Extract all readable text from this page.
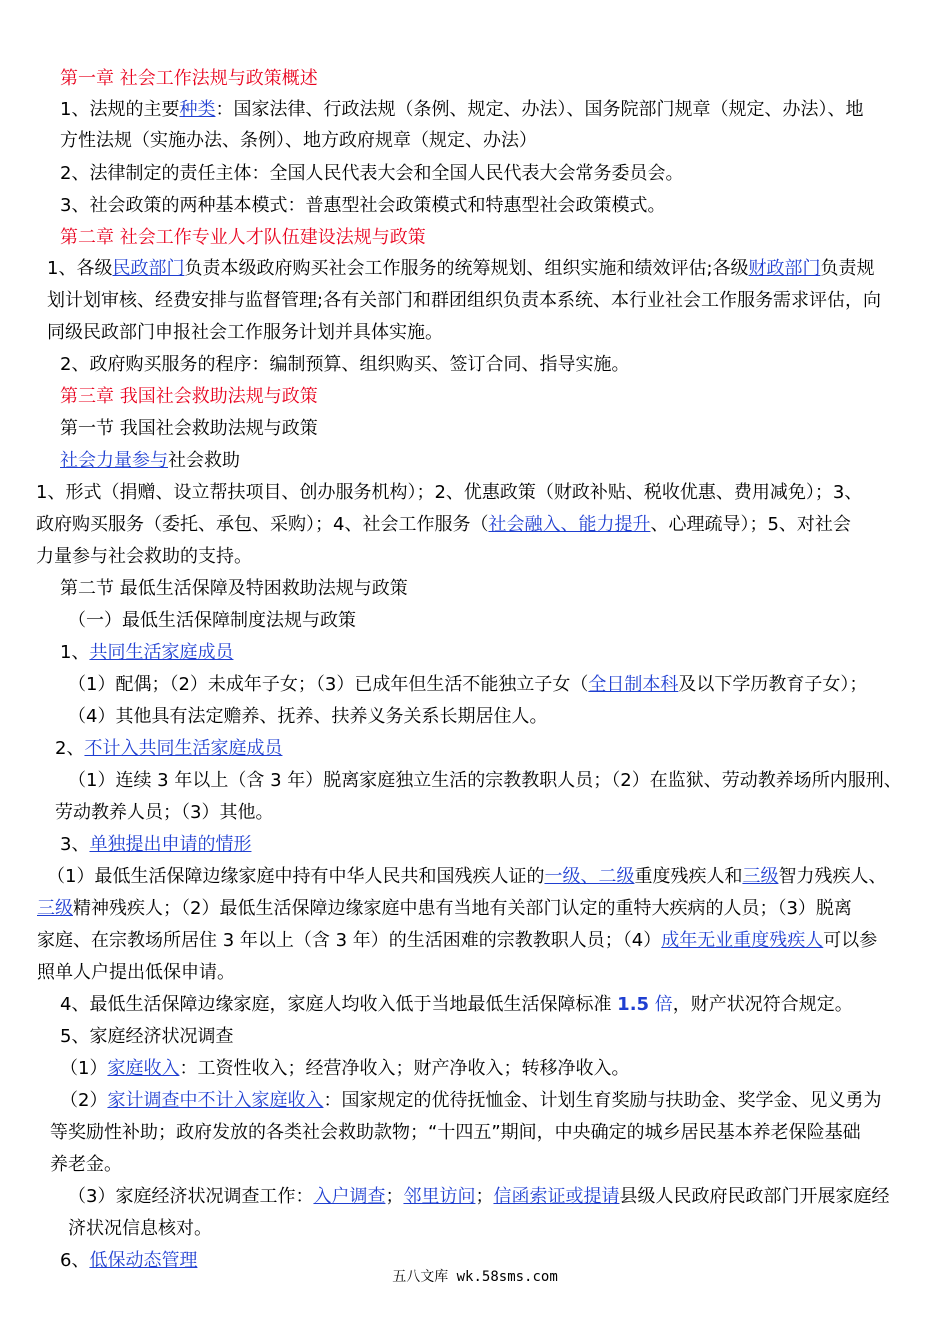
第一章 社会工作法规与政策概述
1、法规的主要种类：国家法律、行政法规（条例、规定、办法）、国务院部门规章（规定、办法）、地
方性法规（实施办法、条例）、地方政府规章（规定、办法）
2、法律制定的责任主体：全国人民代表大会和全国人民代表大会常务委员会。
3、社会政策的两种基本模式：普惠型社会政策模式和特惠型社会政策模式。
第二章 社会工作专业人才队伍建设法规与政策
1、各级民政部门负责本级政府购买社会工作服务的统筹规划、组织实施和绩效评估;各级财政部门负责规
划计划审核、经费安排与监督管理;各有关部门和群团组织负责本系统、本行业社会工作服务需求评估，向
同级民政部门申报社会工作服务计划并具体实施。
2、政府购买服务的程序：编制预算、组织购买、签订合同、指导实施。
第三章 我国社会救助法规与政策
第一节 我国社会救助法规与政策
社会力量参与社会救助
1、形式（捐赠、设立帮扶项目、创办服务机构）；2、优惠政策（财政补贴、税收优惠、费用减免）；3、
政府购买服务（委托、承包、采购）；4、社会工作服务（社会融入、能力提升、心理疏导）；5、对社会
力量参与社会救助的支持。
第二节 最低生活保障及特困救助法规与政策
（一）最低生活保障制度法规与政策
1、共同生活家庭成员
（1）配偶；（2）未成年子女；（3）已成年但生活不能独立子女（全日制本科及以下学历教育子女）；
（4）其他具有法定赡养、抚养、扶养义务关系长期居住人。
2、不计入共同生活家庭成员
（1）连续 3 年以上（含 3 年）脱离家庭独立生活的宗教教职人员；（2）在监狱、劳动教养场所内服刑、
劳动教养人员；（3）其他。
3、单独提出申请的情形
（1）最低生活保障边缘家庭中持有中华人民共和国残疾人证的一级、二级重度残疾人和三级智力残疾人、
三级精神残疾人；（2）最低生活保障边缘家庭中患有当地有关部门认定的重特大疾病的人员；（3）脱离
家庭、在宗教场所居住 3 年以上（含 3 年）的生活困难的宗教教职人员；（4）成年无业重度残疾人可以参
照单人户提出低保申请。
4、最低生活保障边缘家庭，家庭人均收入低于当地最低生活保障标准 1.5 倍，财产状况符合规定。
5、家庭经济状况调查
（1）家庭收入：工资性收入；经营净收入；财产净收入；转移净收入。
（2）家计调查中不计入家庭收入：国家规定的优待抚恤金、计划生育奖励与扶助金、奖学金、见义勇为
等奖励性补助；政府发放的各类社会救助款物；“十四五”期间，中央确定的城乡居民基本养老保险基础
养老金。
（3）家庭经济状况调查工作：入户调查；邻里访问；信函索证或提请县级人民政府民政部门开展家庭经
济状况信息核对。
6、低保动态管理
五八文库 wk.58sms.com
